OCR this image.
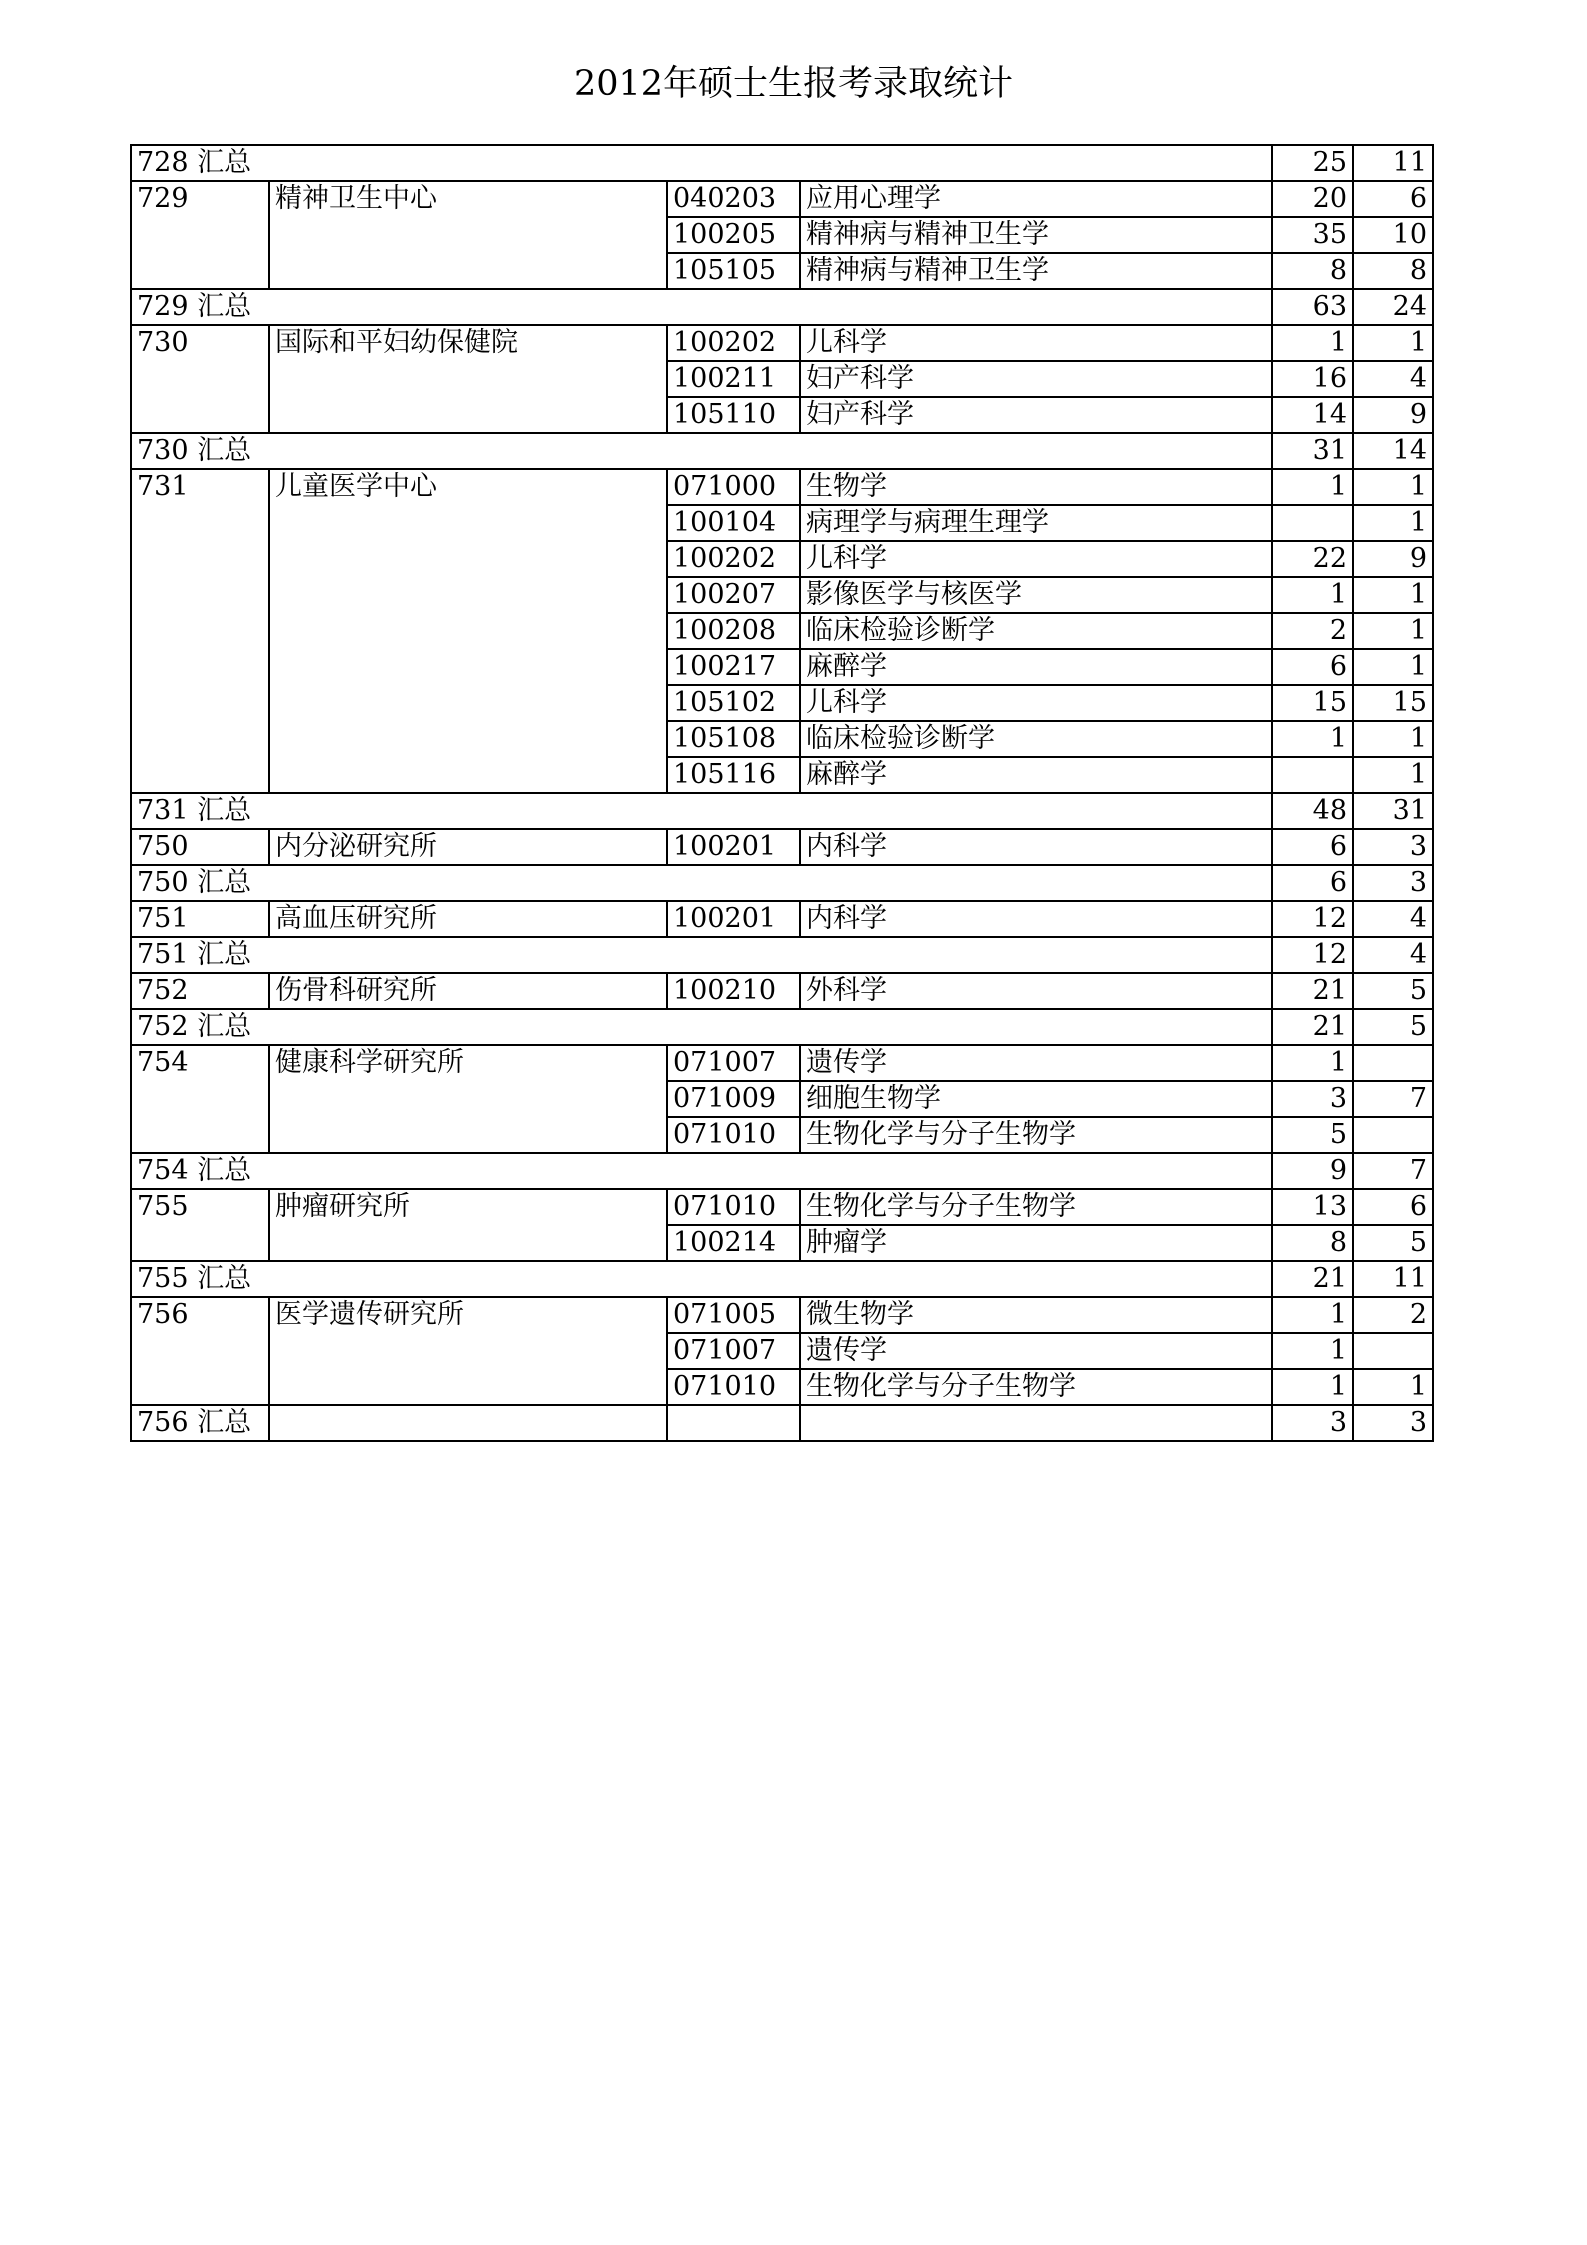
2012年硕士生报考录取统计
728 汇总				25	11
729	精神卫生中心	040203	应用心理学	20	6
		100205	精神病与精神卫生学	35	10
		105105	精神病与精神卫生学	8	8
729 汇总				63	24
730	国际和平妇幼保健院	100202	儿科学	1	1
		100211	妇产科学	16	4
		105110	妇产科学	14	9
730 汇总				31	14
731	儿童医学中心	071000	生物学	1	1
		100104	病理学与病理生理学		1
		100202	儿科学	22	9
		100207	影像医学与核医学	1	1
		100208	临床检验诊断学	2	1
		100217	麻醉学	6	1
		105102	儿科学	15	15
		105108	临床检验诊断学	1	1
		105116	麻醉学		1
731 汇总				48	31
750	内分泌研究所	100201	内科学	6	3
750 汇总				6	3
751	高血压研究所	100201	内科学	12	4
751 汇总				12	4
752	伤骨科研究所	100210	外科学	21	5
752 汇总				21	5
754	健康科学研究所	071007	遗传学	1	
		071009	细胞生物学	3	7
		071010	生物化学与分子生物学	5	
754 汇总				9	7
755	肿瘤研究所	071010	生物化学与分子生物学	13	6
		100214	肿瘤学	8	5
755 汇总				21	11
756	医学遗传研究所	071005	微生物学	1	2
		071007	遗传学	1	
		071010	生物化学与分子生物学	1	1
756 汇总				3	3
